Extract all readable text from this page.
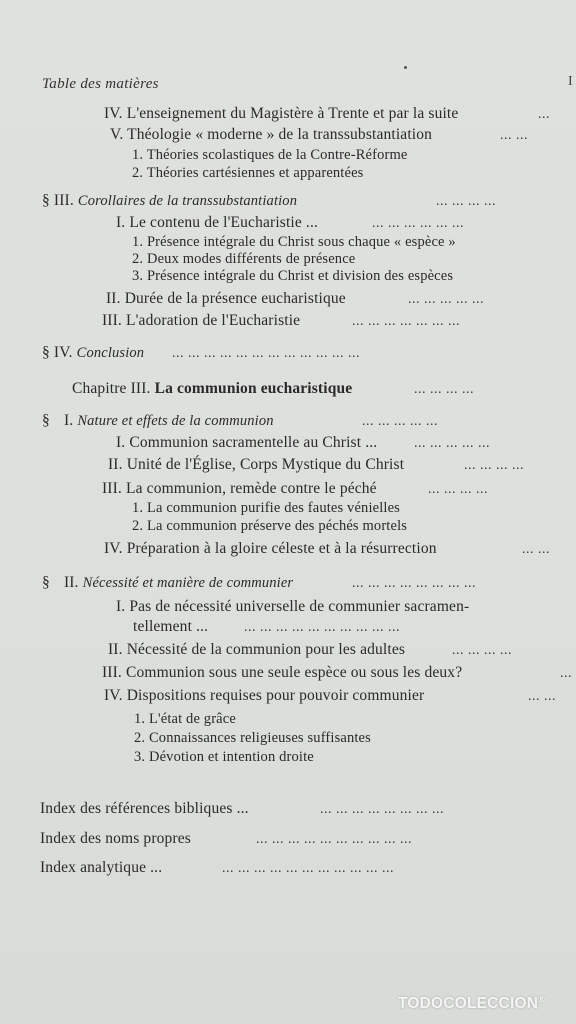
Table des matières	I
IV. L'enseignement du Magistère à Trente et par la suite	...
V. Théologie « moderne » de la transsubstantiation	... ...
1. Théories scolastiques de la Contre-Réforme
2. Théories cartésiennes et apparentées
§ III. Corollaires de la transsubstantiation	... ... ... ...
I. Le contenu de l'Eucharistie ...	... ... ... ... ... ...
1. Présence intégrale du Christ sous chaque « espèce »
2. Deux modes différents de présence
3. Présence intégrale du Christ et division des espèces
II. Durée de la présence eucharistique	... ... ... ... ...
III. L'adoration de l'Eucharistie	... ... ... ... ... ... ...
§ IV. Conclusion ... ... ... ... ... ... ... ... ... ... ... ...
Chapitre III. La communion eucharistique	... ... ... ...
§ I. Nature et effets de la communion	... ... ... ... ...
I. Communion sacramentelle au Christ ...	... ... ... ... ...
II. Unité de l'Église, Corps Mystique du Christ	... ... ... ...
III. La communion, remède contre le péché	... ... ... ...
1. La communion purifie des fautes vénielles
2. La communion préserve des péchés mortels
IV. Préparation à la gloire céleste et à la résurrection	... ...
§ II. Nécessité et manière de communier	... ... ... ... ... ... ... ...
I. Pas de nécessité universelle de communier sacramen-
tellement ...	... ... ... ... ... ... ... ... ... ...
II. Nécessité de la communion pour les adultes	... ... ... ...
III. Communion sous une seule espèce ou sous les deux?	...
IV. Dispositions requises pour pouvoir communier	... ...
1. L'état de grâce
2. Connaissances religieuses suffisantes
3. Dévotion et intention droite
Index des références bibliques ...	... ... ... ... ... ... ... ...
Index des noms propres	... ... ... ... ... ... ... ... ... ...
Index analytique ...	... ... ... ... ... ... ... ... ... ... ...
TODOCOLECCION®
